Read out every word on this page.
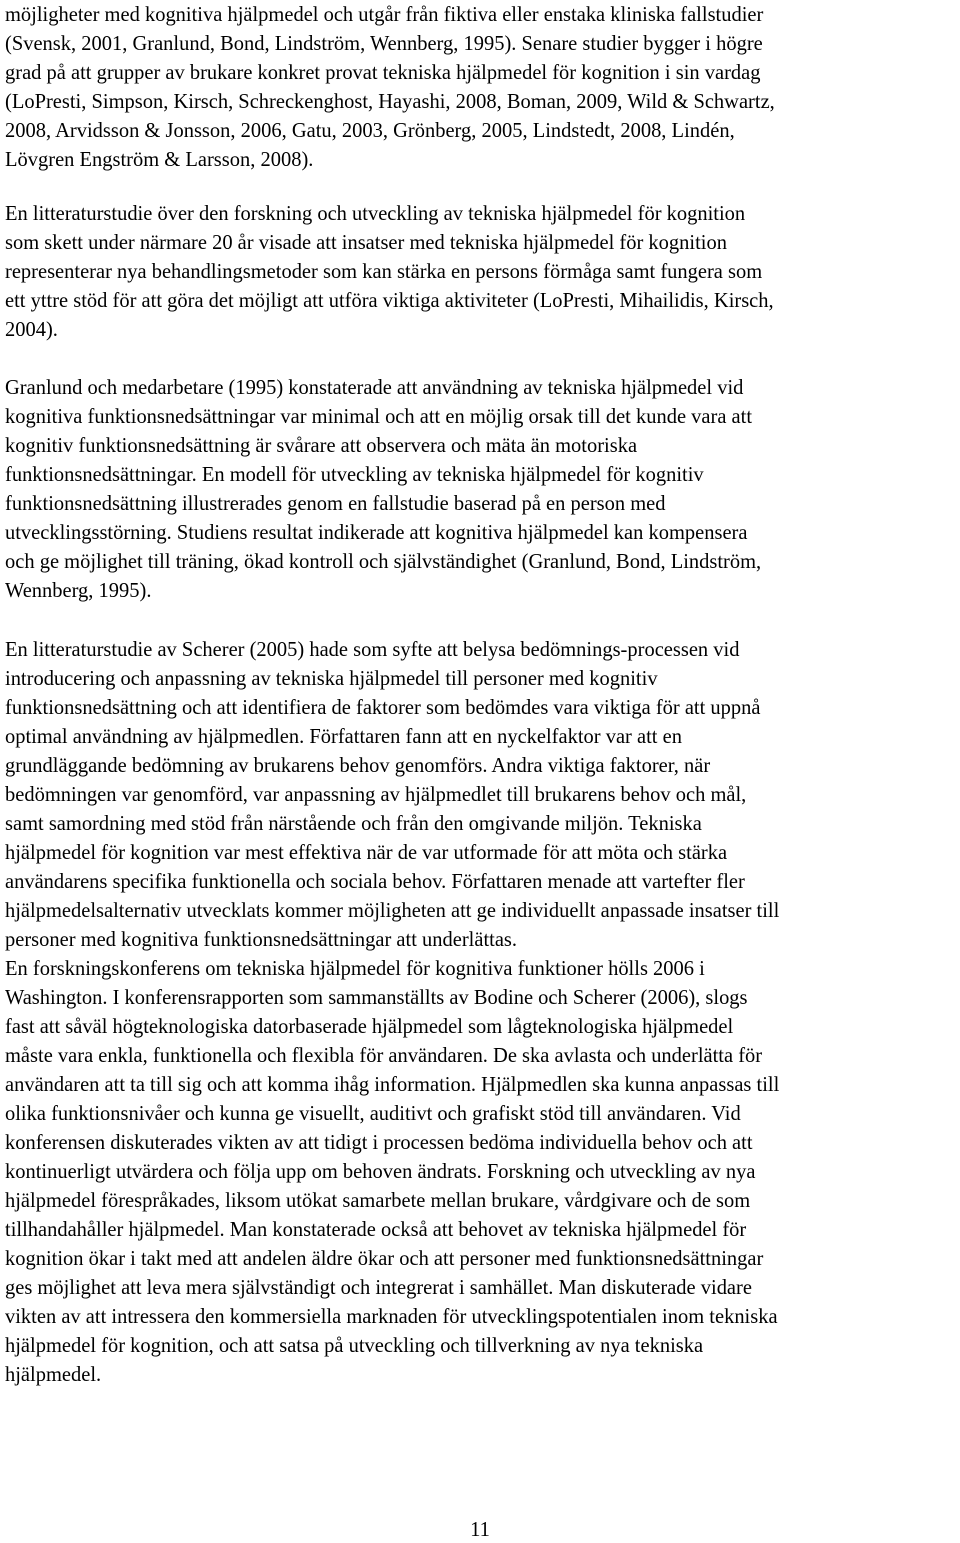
möjligheter med kognitiva hjälpmedel och utgår från fiktiva eller enstaka kliniska fallstudier

(Svensk, 2001, Granlund, Bond, Lindström, Wennberg, 1995). Senare studier bygger i högre

grad på att grupper av brukare konkret provat tekniska hjälpmedel för kognition i sin vardag

(LoPresti, Simpson, Kirsch, Schreckenghost, Hayashi, 2008, Boman, 2009, Wild & Schwartz,

2008, Arvidsson & Jonsson, 2006, Gatu, 2003, Grönberg, 2005, Lindstedt, 2008, Lindén,

Lövgren Engström & Larsson, 2008).

En litteraturstudie över den forskning och utveckling av tekniska hjälpmedel för kognition

som skett under närmare 20 år visade att insatser med tekniska hjälpmedel för kognition

representerar nya behandlingsmetoder som kan stärka en persons förmåga samt fungera som

ett yttre stöd för att göra det möjligt att utföra viktiga aktiviteter (LoPresti, Mihailidis, Kirsch,

2004).

Granlund och medarbetare (1995) konstaterade att användning av tekniska hjälpmedel vid

kognitiva funktionsnedsättningar var minimal och att en möjlig orsak till det kunde vara att

kognitiv funktionsnedsättning är svårare att observera och mäta än motoriska

funktionsnedsättningar. En modell för utveckling av tekniska hjälpmedel för kognitiv

funktionsnedsättning illustrerades genom en fallstudie baserad på en person med

utvecklingsstörning. Studiens resultat indikerade att kognitiva hjälpmedel kan kompensera

och ge möjlighet till träning, ökad kontroll och självständighet (Granlund, Bond, Lindström,

Wennberg, 1995).

En litteraturstudie av Scherer (2005) hade som syfte att belysa bedömnings-processen vid

introducering och anpassning av tekniska hjälpmedel till personer med kognitiv

funktionsnedsättning och att identifiera de faktorer som bedömdes vara viktiga för att uppnå

optimal användning av hjälpmedlen. Författaren fann att en nyckelfaktor var att en

grundläggande bedömning av brukarens behov genomförs. Andra viktiga faktorer, när

bedömningen var genomförd, var anpassning av hjälpmedlet till brukarens behov och mål,

samt samordning med stöd från närstående och från den omgivande miljön. Tekniska

hjälpmedel för kognition var mest effektiva när de var utformade för att möta och stärka

användarens specifika funktionella och sociala behov. Författaren menade att vartefter fler

hjälpmedelsalternativ utvecklats kommer möjligheten att ge individuellt anpassade insatser till

personer med kognitiva funktionsnedsättningar att underlättas.

En forskningskonferens om tekniska hjälpmedel för kognitiva funktioner hölls 2006 i

Washington. I konferensrapporten som sammanställts av Bodine och Scherer (2006), slogs

fast att såväl högteknologiska datorbaserade hjälpmedel som lågteknologiska hjälpmedel

måste vara enkla, funktionella och flexibla för användaren. De ska avlasta och underlätta för

användaren att ta till sig och att komma ihåg information. Hjälpmedlen ska kunna anpassas till

olika funktionsnivåer och kunna ge visuellt, auditivt och grafiskt stöd till användaren. Vid

konferensen diskuterades vikten av att tidigt i processen bedöma individuella behov och att

kontinuerligt utvärdera och följa upp om behoven ändrats. Forskning och utveckling av nya

hjälpmedel förespråkades, liksom utökat samarbete mellan brukare, vårdgivare och de som

tillhandahåller hjälpmedel. Man konstaterade också att behovet av tekniska hjälpmedel för

kognition ökar i takt med att andelen äldre ökar och att personer med funktionsnedsättningar

ges möjlighet att leva mera självständigt och integrerat i samhället. Man diskuterade vidare

vikten av att intressera den kommersiella marknaden för utvecklingspotentialen inom tekniska

hjälpmedel för kognition, och att satsa på utveckling och tillverkning av nya tekniska

hjälpmedel.

11
